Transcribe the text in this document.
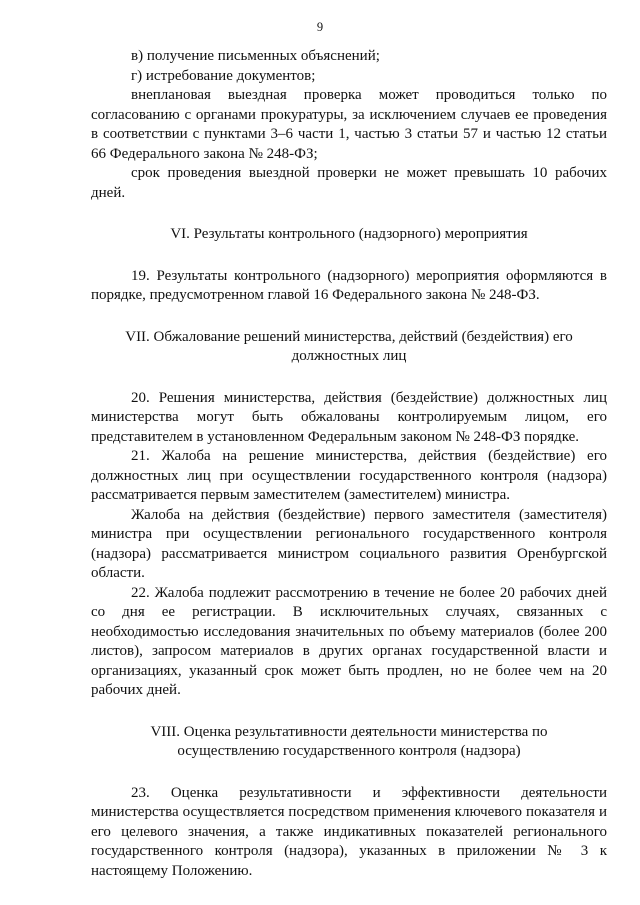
9

в) получение письменных объяснений;

г) истребование документов;

внеплановая выездная проверка может проводиться только по согласованию с органами прокуратуры, за исключением случаев ее проведения в соответствии с пунктами 3–6 части 1, частью 3 статьи 57 и частью 12 статьи 66 Федерального закона № 248-ФЗ;

срок проведения выездной проверки не может превышать 10 рабочих дней.

VI. Результаты контрольного (надзорного) мероприятия

19. Результаты контрольного (надзорного) мероприятия оформляются в порядке, предусмотренном главой 16 Федерального закона № 248-ФЗ.

VII. Обжалование решений министерства, действий (бездействия) его

должностных лиц

20. Решения министерства, действия (бездействие) должностных лиц министерства могут быть обжалованы контролируемым лицом, его представителем в установленном Федеральным законом № 248-ФЗ порядке.

21. Жалоба на решение министерства, действия (бездействие) его должностных лиц при осуществлении государственного контроля (надзора) рассматривается первым заместителем (заместителем) министра.

Жалоба на действия (бездействие) первого заместителя (заместителя) министра при осуществлении регионального государственного контроля (надзора) рассматривается министром социального развития Оренбургской области.

22. Жалоба подлежит рассмотрению в течение не более 20 рабочих дней со дня ее регистрации. В исключительных случаях, связанных с необходимостью исследования значительных по объему материалов (более 200 листов), запросом материалов в других органах государственной власти и организациях, указанный срок может быть продлен, но не более чем на 20 рабочих дней.

VIII. Оценка результативности деятельности министерства по

осуществлению государственного контроля (надзора)

23. Оценка результативности и эффективности деятельности министерства осуществляется посредством применения ключевого показателя и его целевого значения, а также индикативных показателей регионального государственного контроля (надзора), указанных в приложении № 3 к настоящему Положению.
